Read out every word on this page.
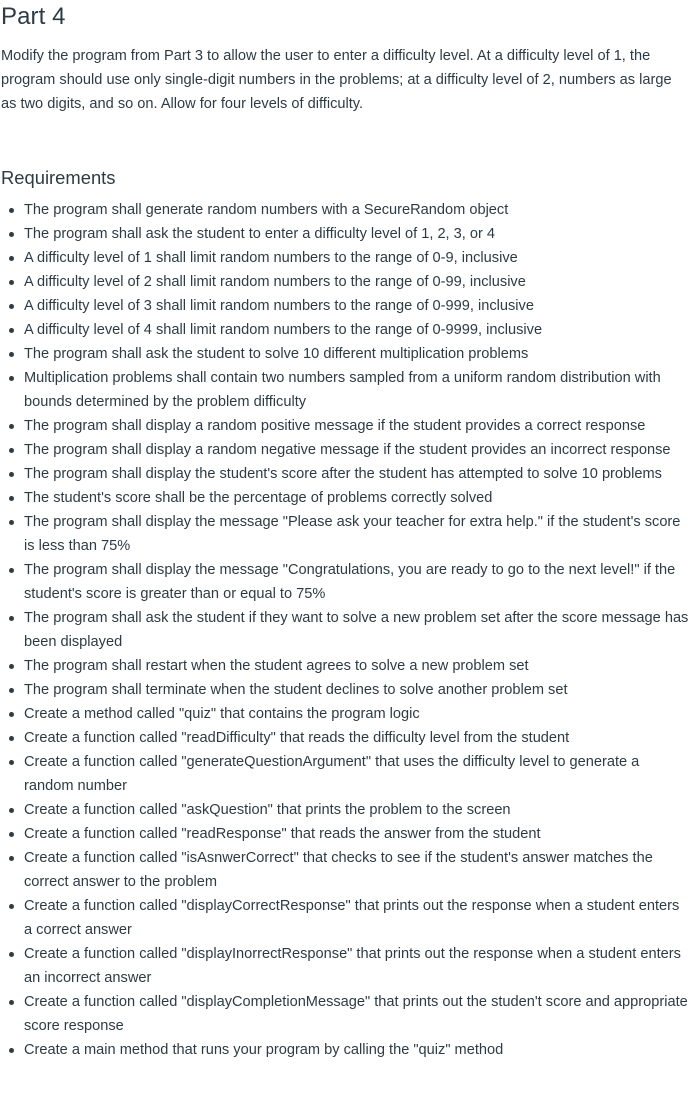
Part 4

Modify the program from Part 3 to allow the user to enter a difficulty level. At a difficulty level of 1, the program should use only single-digit numbers in the problems; at a difficulty level of 2, numbers as large as two digits, and so on. Allow for four levels of difficulty.

Requirements
The program shall generate random numbers with a SecureRandom object
The program shall ask the student to enter a difficulty level of 1, 2, 3, or 4
A difficulty level of 1 shall limit random numbers to the range of 0-9, inclusive
A difficulty level of 2 shall limit random numbers to the range of 0-99, inclusive
A difficulty level of 3 shall limit random numbers to the range of 0-999, inclusive
A difficulty level of 4 shall limit random numbers to the range of 0-9999, inclusive
The program shall ask the student to solve 10 different multiplication problems
Multiplication problems shall contain two numbers sampled from a uniform random distribution with bounds determined by the problem difficulty
The program shall display a random positive message if the student provides a correct response
The program shall display a random negative message if the student provides an incorrect response
The program shall display the student's score after the student has attempted to solve 10 problems
The student's score shall be the percentage of problems correctly solved
The program shall display the message "Please ask your teacher for extra help." if the student's score is less than 75%
The program shall display the message "Congratulations, you are ready to go to the next level!" if the student's score is greater than or equal to 75%
The program shall ask the student if they want to solve a new problem set after the score message has been displayed
The program shall restart when the student agrees to solve a new problem set
The program shall terminate when the student declines to solve another problem set
Create a method called "quiz" that contains the program logic
Create a function called "readDifficulty" that reads the difficulty level from the student
Create a function called "generateQuestionArgument" that uses the difficulty level to generate a random number
Create a function called "askQuestion" that prints the problem to the screen
Create a function called "readResponse" that reads the answer from the student
Create a function called "isAsnwerCorrect" that checks to see if the student's answer matches the correct answer to the problem
Create a function called "displayCorrectResponse" that prints out the response when a student enters a correct answer
Create a function called "displayInorrectResponse" that prints out the response when a student enters an incorrect answer
Create a function called "displayCompletionMessage" that prints out the studen't score and appropriate score response
Create a main method that runs your program by calling the "quiz" method
